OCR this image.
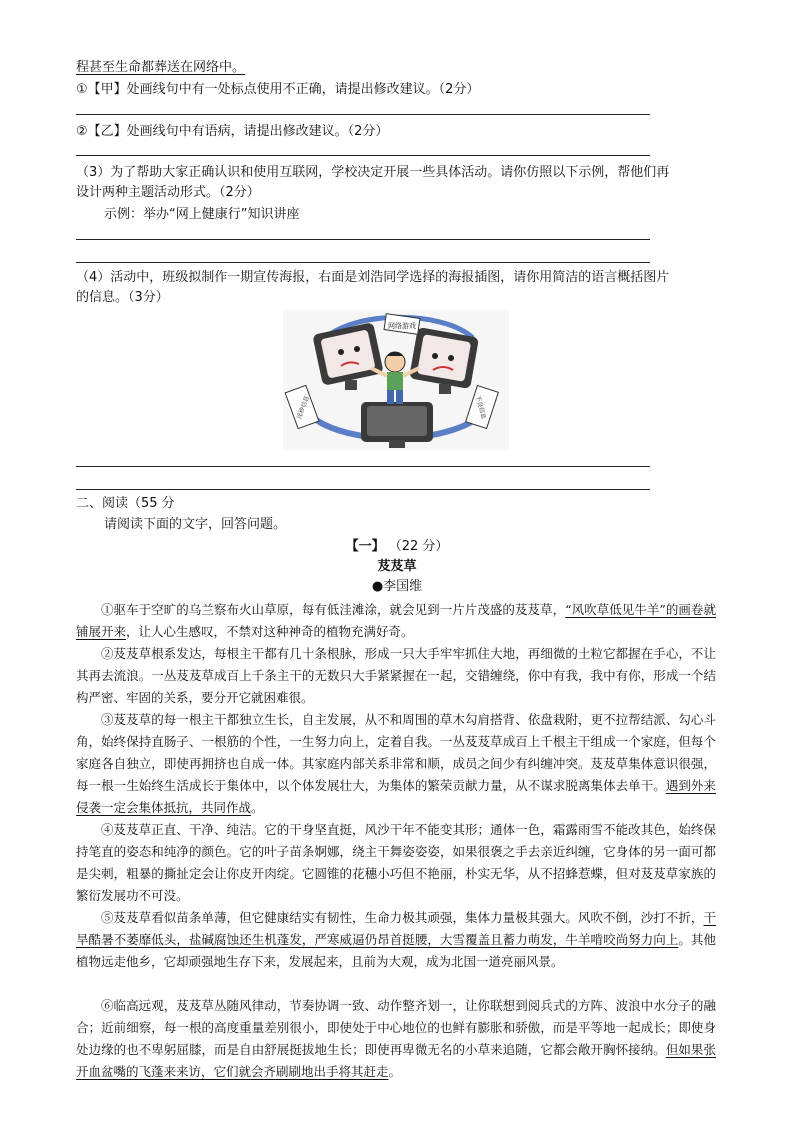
程甚至生命都葬送在网络中。
①【甲】处画线句中有一处标点使用不正确，请提出修改建议。（2分）
②【乙】处画线句中有语病，请提出修改建议。（2分）
（3）为了帮助大家正确认识和使用互联网，学校决定开展一些具体活动。请你仿照以下示例，帮他们再
设计两种主题活动形式。（2分）
示例：举办“网上健康行”知识讲座
（4）活动中，班级拟制作一期宣传海报，右面是刘浩同学选择的海报插图，请你用简洁的语言概括图片
的信息。（3分）
网络游戏
淫秽信息	不良信息
二、阅读（55 分
请阅读下面的文字，回答问题。
【一】 （22 分）
芨芨草
●李国维
①驱车于空旷的乌兰察布火山草原，每有低洼滩涂，就会见到一片片茂盛的芨芨草，“风吹草低见牛羊”的画卷就铺展开来，让人心生感叹，不禁对这种神奇的植物充满好奇。
②芨芨草根系发达，每根主干都有几十条根脉，形成一只大手牢牢抓住大地，再细微的土粒它都握在手心，不让其再去流浪。一丛芨芨草成百上千条主干的无数只大手紧紧握在一起，交错缠绕，你中有我，我中有你，形成一个结构严密、牢固的关系，要分开它就困难很。
③芨芨草的每一根主干都独立生长，自主发展，从不和周围的草木勾肩搭背、依盘栽附，更不拉帮结派、勾心斗角，始终保持直肠子、一根筋的个性，一生努力向上，定着自我。一丛芨芨草成百上千根主干组成一个家庭，但每个家庭各自独立，即使再拥挤也自成一体。其家庭内部关系非常和顺，成员之间少有纠缠冲突。芨芨草集体意识很强，每一根一生始终生活成长于集体中，以个体发展壮大，为集体的繁荣贡献力量，从不谋求脱离集体去单干。遇到外来侵袭一定会集体抵抗，共同作战。
④芨芨草正直、干净、纯洁。它的干身坚直挺，风沙干年不能变其形；通体一色，霜露雨雪不能改其色，始终保持笔直的姿态和纯净的颜色。它的叶子苗条婀娜，绕主干舞姿姿姿，如果很褒之手去亲近纠缠，它身体的另一面可都是尖刺，粗暴的撕扯定会让你皮开肉绽。它圆锥的花穗小巧但不艳丽，朴实无华，从不招蜂惹蝶，但对芨芨草家族的繁衍发展功不可没。
⑤芨芨草看似苗条单薄，但它健康结实有韧性，生命力极其顽强，集体力量极其强大。风吹不倒，沙打不折，干旱酷暑不萎靡低头，盐碱腐蚀还生机蓬发，严寒威逼仍昂首挺腰，大雪覆盖且蓄力萌发，牛羊啃咬尚努力向上。其他植物远走他乡，它却顽强地生存下来，发展起来，且前为大观，成为北国一道亮丽风景。
⑥临高远观，芨芨草丛随风律动，节奏协调一致、动作整齐划一，让你联想到阅兵式的方阵、波浪中水分子的融合；近前细察，每一根的高度重量差别很小，即使处于中心地位的也鲜有膨胀和骄傲，而是平等地一起成长；即使身处边缘的也不卑躬屈膝，而是自由舒展挺拔地生长；即使再卑微无名的小草来追随，它都会敞开胸怀接纳。但如果张开血盆嘴的飞蓬来来访，它们就会齐刷刷地出手将其赶走。
